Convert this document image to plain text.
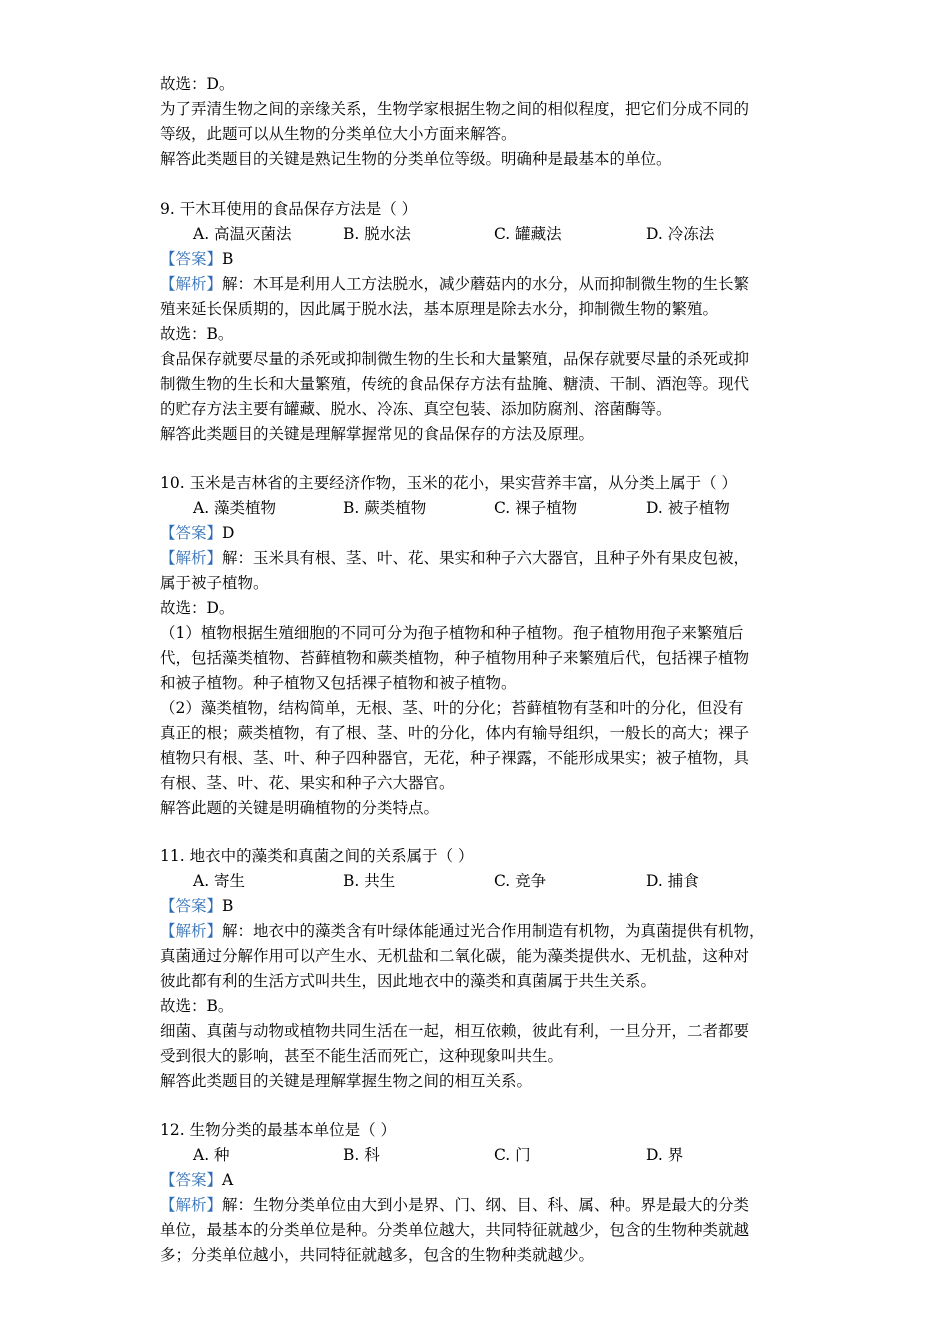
故选：D。
为了弄清生物之间的亲缘关系，生物学家根据生物之间的相似程度，把它们分成不同的
等级，此题可以从生物的分类单位大小方面来解答。
解答此类题目的关键是熟记生物的分类单位等级。明确种是最基本的单位。
9. 干木耳使用的食品保存方法是（ ）
A. 高温灭菌法	B. 脱水法	C. 罐藏法	D. 冷冻法
【答案】B
【解析】解：木耳是利用人工方法脱水，减少蘑菇内的水分，从而抑制微生物的生长繁
殖来延长保质期的，因此属于脱水法，基本原理是除去水分，抑制微生物的繁殖。
故选：B。
食品保存就要尽量的杀死或抑制微生物的生长和大量繁殖，品保存就要尽量的杀死或抑
制微生物的生长和大量繁殖，传统的食品保存方法有盐腌、糖渍、干制、酒泡等。现代
的贮存方法主要有罐藏、脱水、冷冻、真空包装、添加防腐剂、溶菌酶等。
解答此类题目的关键是理解掌握常见的食品保存的方法及原理。
10. 玉米是吉林省的主要经济作物，玉米的花小，果实营养丰富，从分类上属于（ ）
A. 藻类植物	B. 蕨类植物	C. 裸子植物	D. 被子植物
【答案】D
【解析】解：玉米具有根、茎、叶、花、果实和种子六大器官，且种子外有果皮包被，
属于被子植物。
故选：D。
（1）植物根据生殖细胞的不同可分为孢子植物和种子植物。孢子植物用孢子来繁殖后
代，包括藻类植物、苔藓植物和蕨类植物，种子植物用种子来繁殖后代，包括裸子植物
和被子植物。种子植物又包括裸子植物和被子植物。
（2）藻类植物，结构简单，无根、茎、叶的分化；苔藓植物有茎和叶的分化，但没有
真正的根；蕨类植物，有了根、茎、叶的分化，体内有输导组织，一般长的高大；裸子
植物只有根、茎、叶、种子四种器官，无花，种子裸露，不能形成果实；被子植物，具
有根、茎、叶、花、果实和种子六大器官。
解答此题的关键是明确植物的分类特点。
11. 地衣中的藻类和真菌之间的关系属于（ ）
A. 寄生	B. 共生	C. 竞争	D. 捕食
【答案】B
【解析】解：地衣中的藻类含有叶绿体能通过光合作用制造有机物，为真菌提供有机物，
真菌通过分解作用可以产生水、无机盐和二氧化碳，能为藻类提供水、无机盐，这种对
彼此都有利的生活方式叫共生，因此地衣中的藻类和真菌属于共生关系。
故选：B。
细菌、真菌与动物或植物共同生活在一起，相互依赖，彼此有利，一旦分开，二者都要
受到很大的影响，甚至不能生活而死亡，这种现象叫共生。
解答此类题目的关键是理解掌握生物之间的相互关系。
12. 生物分类的最基本单位是（ ）
A. 种	B. 科	C. 门	D. 界
【答案】A
【解析】解：生物分类单位由大到小是界、门、纲、目、科、属、种。界是最大的分类
单位，最基本的分类单位是种。分类单位越大，共同特征就越少，包含的生物种类就越
多；分类单位越小，共同特征就越多，包含的生物种类就越少。
